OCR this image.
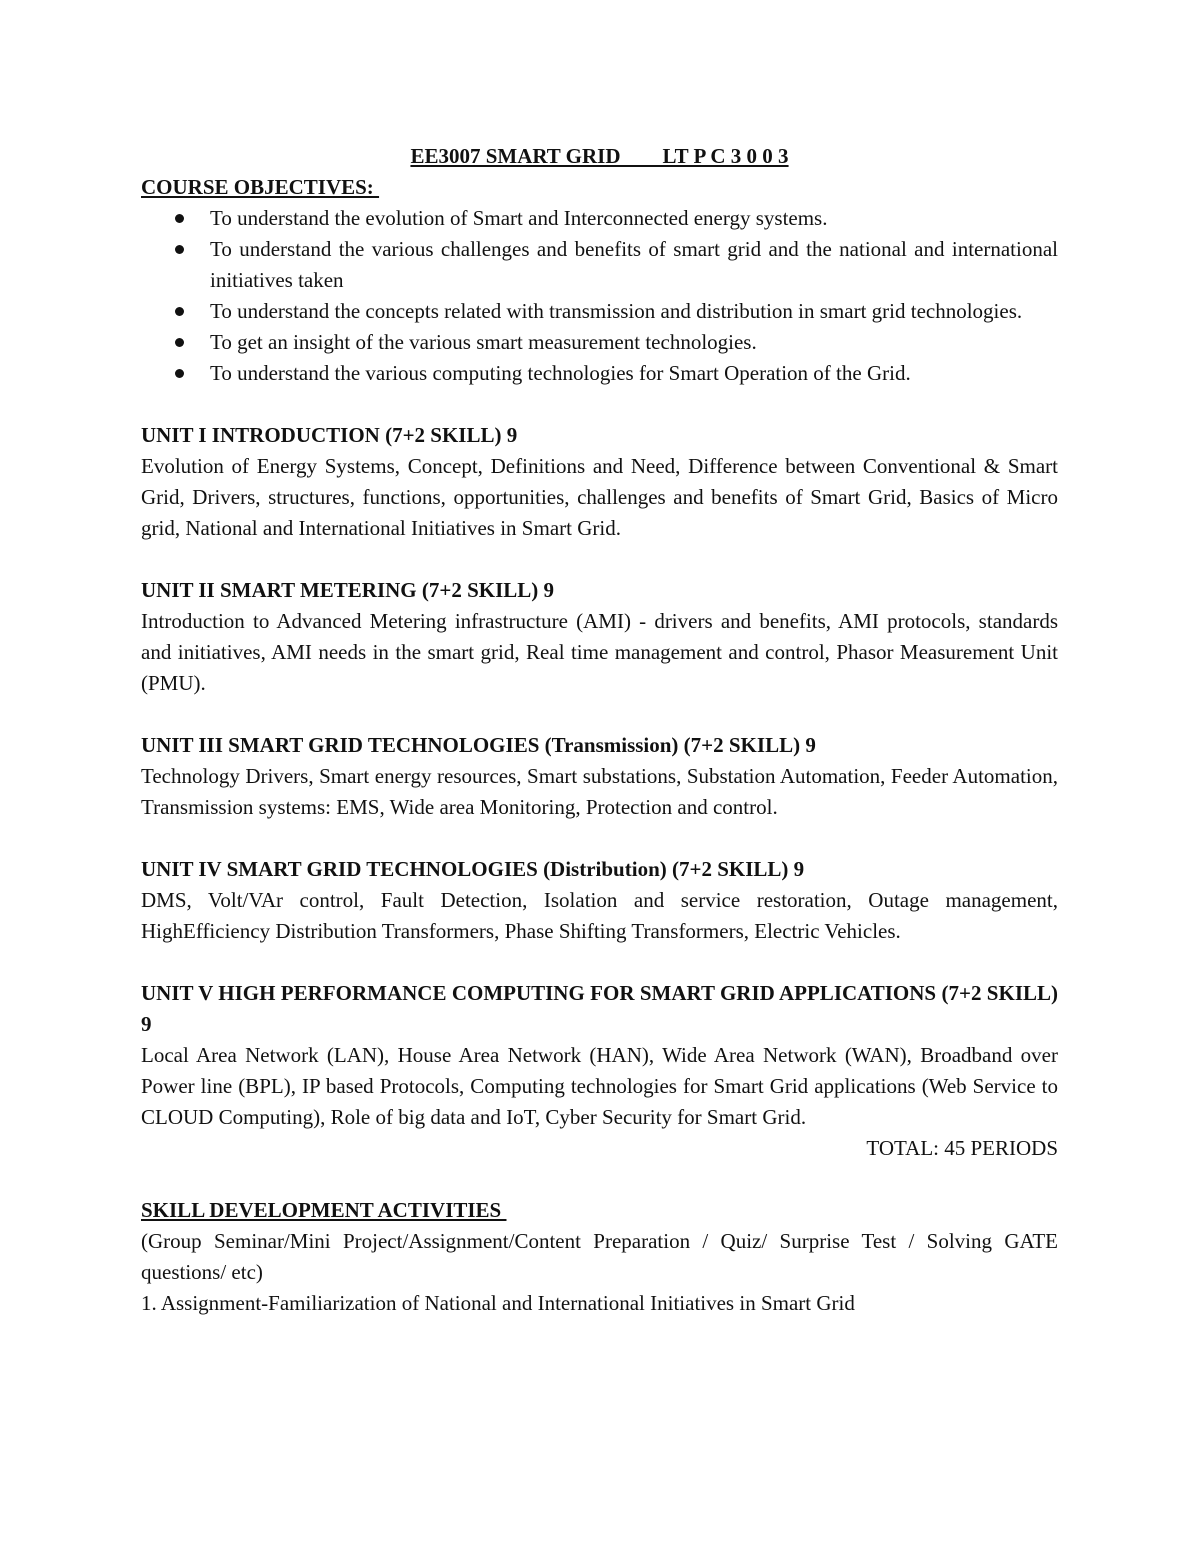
EE3007 SMART GRID        LT P C 3 0 0 3

COURSE OBJECTIVES:

To understand the evolution of Smart and Interconnected energy systems.
To understand the various challenges and benefits of smart grid and the national and international initiatives taken
To understand the concepts related with transmission and distribution in smart grid technologies.
To get an insight of the various smart measurement technologies.
To understand the various computing technologies for Smart Operation of the Grid.

UNIT I INTRODUCTION (7+2 SKILL) 9

Evolution of Energy Systems, Concept, Definitions and Need, Difference between Conventional & Smart Grid, Drivers, structures, functions, opportunities, challenges and benefits of Smart Grid, Basics of Micro grid, National and International Initiatives in Smart Grid.

UNIT II SMART METERING (7+2 SKILL) 9

Introduction to Advanced Metering infrastructure (AMI) - drivers and benefits, AMI protocols, standards and initiatives, AMI needs in the smart grid, Real time management and control, Phasor Measurement Unit (PMU).

UNIT III SMART GRID TECHNOLOGIES (Transmission) (7+2 SKILL) 9

Technology Drivers, Smart energy resources, Smart substations, Substation Automation, Feeder Automation, Transmission systems: EMS, Wide area Monitoring, Protection and control.

UNIT IV SMART GRID TECHNOLOGIES (Distribution) (7+2 SKILL) 9

DMS, Volt/VAr control, Fault Detection, Isolation and service restoration, Outage management, HighEfficiency Distribution Transformers, Phase Shifting Transformers, Electric Vehicles.

UNIT V HIGH PERFORMANCE COMPUTING FOR SMART GRID APPLICATIONS (7+2 SKILL) 9

Local Area Network (LAN), House Area Network (HAN), Wide Area Network (WAN), Broadband over Power line (BPL), IP based Protocols, Computing technologies for Smart Grid applications (Web Service to CLOUD Computing), Role of big data and IoT, Cyber Security for Smart Grid.

TOTAL: 45 PERIODS

SKILL DEVELOPMENT ACTIVITIES

(Group Seminar/Mini Project/Assignment/Content Preparation / Quiz/ Surprise Test / Solving GATE questions/ etc)

1. Assignment-Familiarization of National and International Initiatives in Smart Grid
